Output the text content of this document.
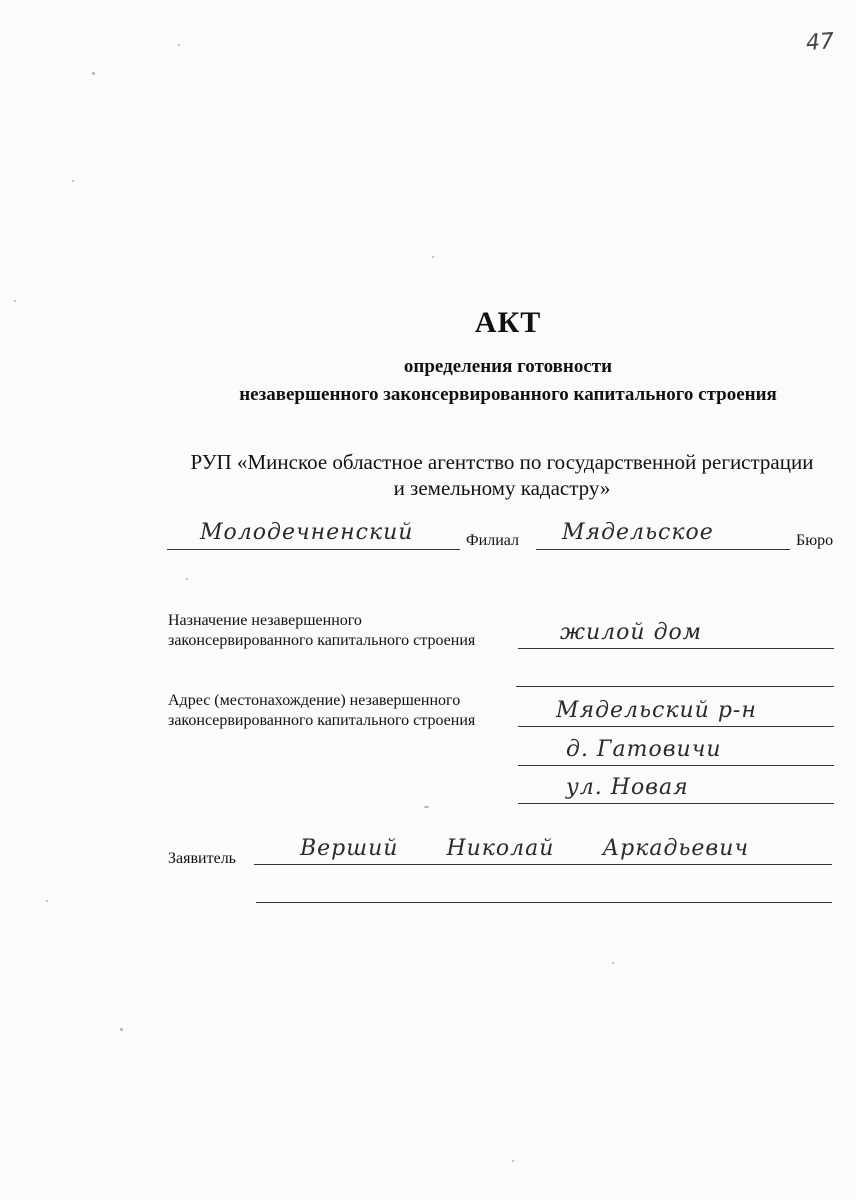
47
АКТ
определения готовности
незавершенного законсервированного капитального строения
РУП «Минское областное агентство по государственной регистрации
и земельному кадастру»
Молодечненский	Филиал Мядельское	Бюро
Назначение незавершенного
законсервированного капитального строения	жилой дом
Адрес (местонахождение) незавершенного
законсервированного капитального строения	Мядельский р-н
д. Гатовичи
ул. Новая
Заявитель	Верший Николай Аркадьевич
